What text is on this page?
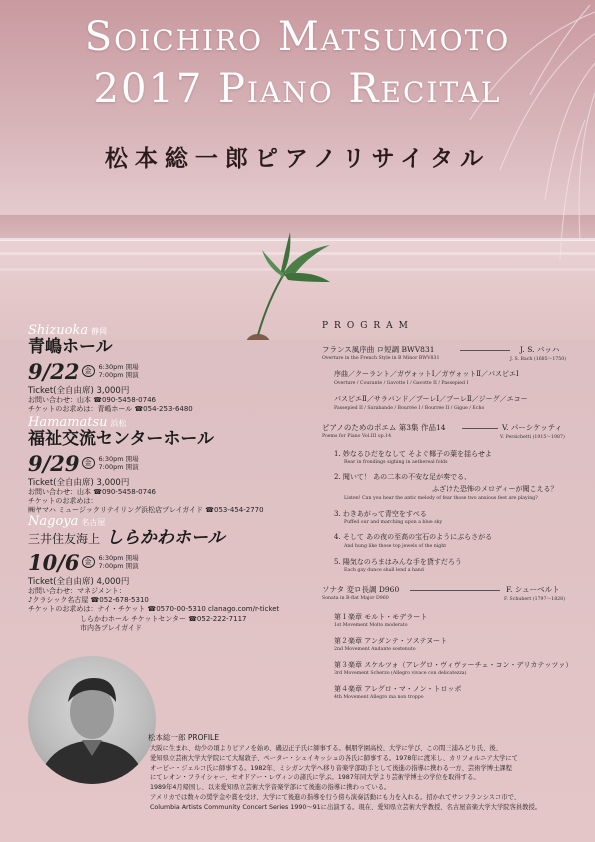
Soichiro Matsumoto
2017 Piano Recital
松本総一郎ピアノリサイタル
Shizuoka 静岡
青嶋ホール
9/22 金
6:30pm 開場
7:00pm 開演
Ticket(全自由席) 3,000円
お問い合わせ：山本 ☎090-5458-0746
チケットのお求めは：青嶋ホール ☎054-253-6480
Hamamatsu 浜松
福祉交流センターホール
9/29 金
6:30pm 開場
7:00pm 開演
Ticket(全自由席) 3,000円
お問い合わせ：山本 ☎090-5458-0746
チケットのお求めは：
㈱ヤマハ ミュージックリテイリング浜松店プレイガイド ☎053-454-2770
Nagoya 名古屋
三井住友海上 しらかわホール
10/6 金
6:30pm 開場
7:00pm 開演
Ticket(全自由席) 4,000円
お問い合わせ：マネジメント：
♪クラシック名古屋 ☎052-678-5310
チケットのお求めは：ナイ・チケット ☎0570-00-5310 clanago.com/r-ticket
しらかわホール チケットセンター ☎052-222-7117
市内各プレイガイド
PROGRAM
フランス風序曲 ロ短調 BWV831	J. S. バッハ
Overture in the French Style in B Minor BWV831	J. S. Bach (1685～1750)
序曲／クーラント／ガヴォットⅠ／ガヴォットⅡ／パスピエⅠ
Overture / Courante / Gavotte I / Gavotte II / Passepied I
パスピエⅡ／サラバンド／ブーレⅠ／ブーレⅡ／ジーグ／エコー
Passepied II / Sarabande / Bourrée I / Bourrée II / Gigue / Echo
ピアノのためのポエム 第3集 作品14	V. パーシケッティ
Poems for Piano Vol.III op.14	V. Persichetti (1915～1987)
1. 妙なるひだをなして そよぐ椰子の葉を揺らせよ
Rear in frondings sighing in aethereal folds
2. 聞いて！ あの二本の不安な足が奏でる、
ふざけた恐怖のメロディーが聞こえる？
Listen! Can you hear the antic melody of fear those two anxious feet are playing?
3. わきあがって青空をすべる
Puffed our and marching upon a blue sky
4. そして あの夜の至高の宝石のようにぶらさがる
And hung like those top jewels of the night
5. 陽気なのろまはみんな手を貸すだろう
Each gay dunce shall lend a hand
ソナタ 変ロ長調 D960	F. シューベルト
Sonata in B-flat Major D960	F. Schubert (1797～1828)
第１楽章 モルト・モデラート
1st Movement Molto moderato
第２楽章 アンダンテ・ソステヌート
2nd Movement Andante sostenuto
第３楽章 スケルツォ（アレグロ・ヴィヴァーチェ・コン・デリカテッツァ）
3rd Movement Scherzo (Allegro vivace con delicatezza)
第４楽章 アレグロ・マ・ノン・トロッポ
4th Movement Allegro ma non troppo
松本総一郎 PROFILE
大阪に生まれ、幼少の頃よりピアノを始め、磯辺正子氏に師事する。桐朋学園高校、大学に学び、この間三浦みどり氏、後、
愛知県立芸術大学大学院にて大堀敦子、ペーター・シェイキッシュの各氏に師事する。1978年に渡米し、カリフォルニア大学にて
オービー・ジェルコ氏に師事する。1982年、ミシガン大学へ移り音楽学部助手として後進の指導に携わる一方、芸術学博士課程
にてレオン・フライシャー、セオドアー・レヴィンの諸氏に学ぶ。1987年同大学より芸術学博士の学位を取得する。
1989年4月帰国し、以来愛知県立芸術大学音楽学部にて後進の指導に携わっている。
アメリカでは数々の奨学金や賞を受け、大学にて後進の指導を行う傍ら演奏活動にも力を入れる。招かれてサンフランシスコ市で、
Columbia Artists Community Concert Series 1990～91に出演する。現在、愛知県立芸術大学教授、名古屋音楽大学大学院客員教授。
